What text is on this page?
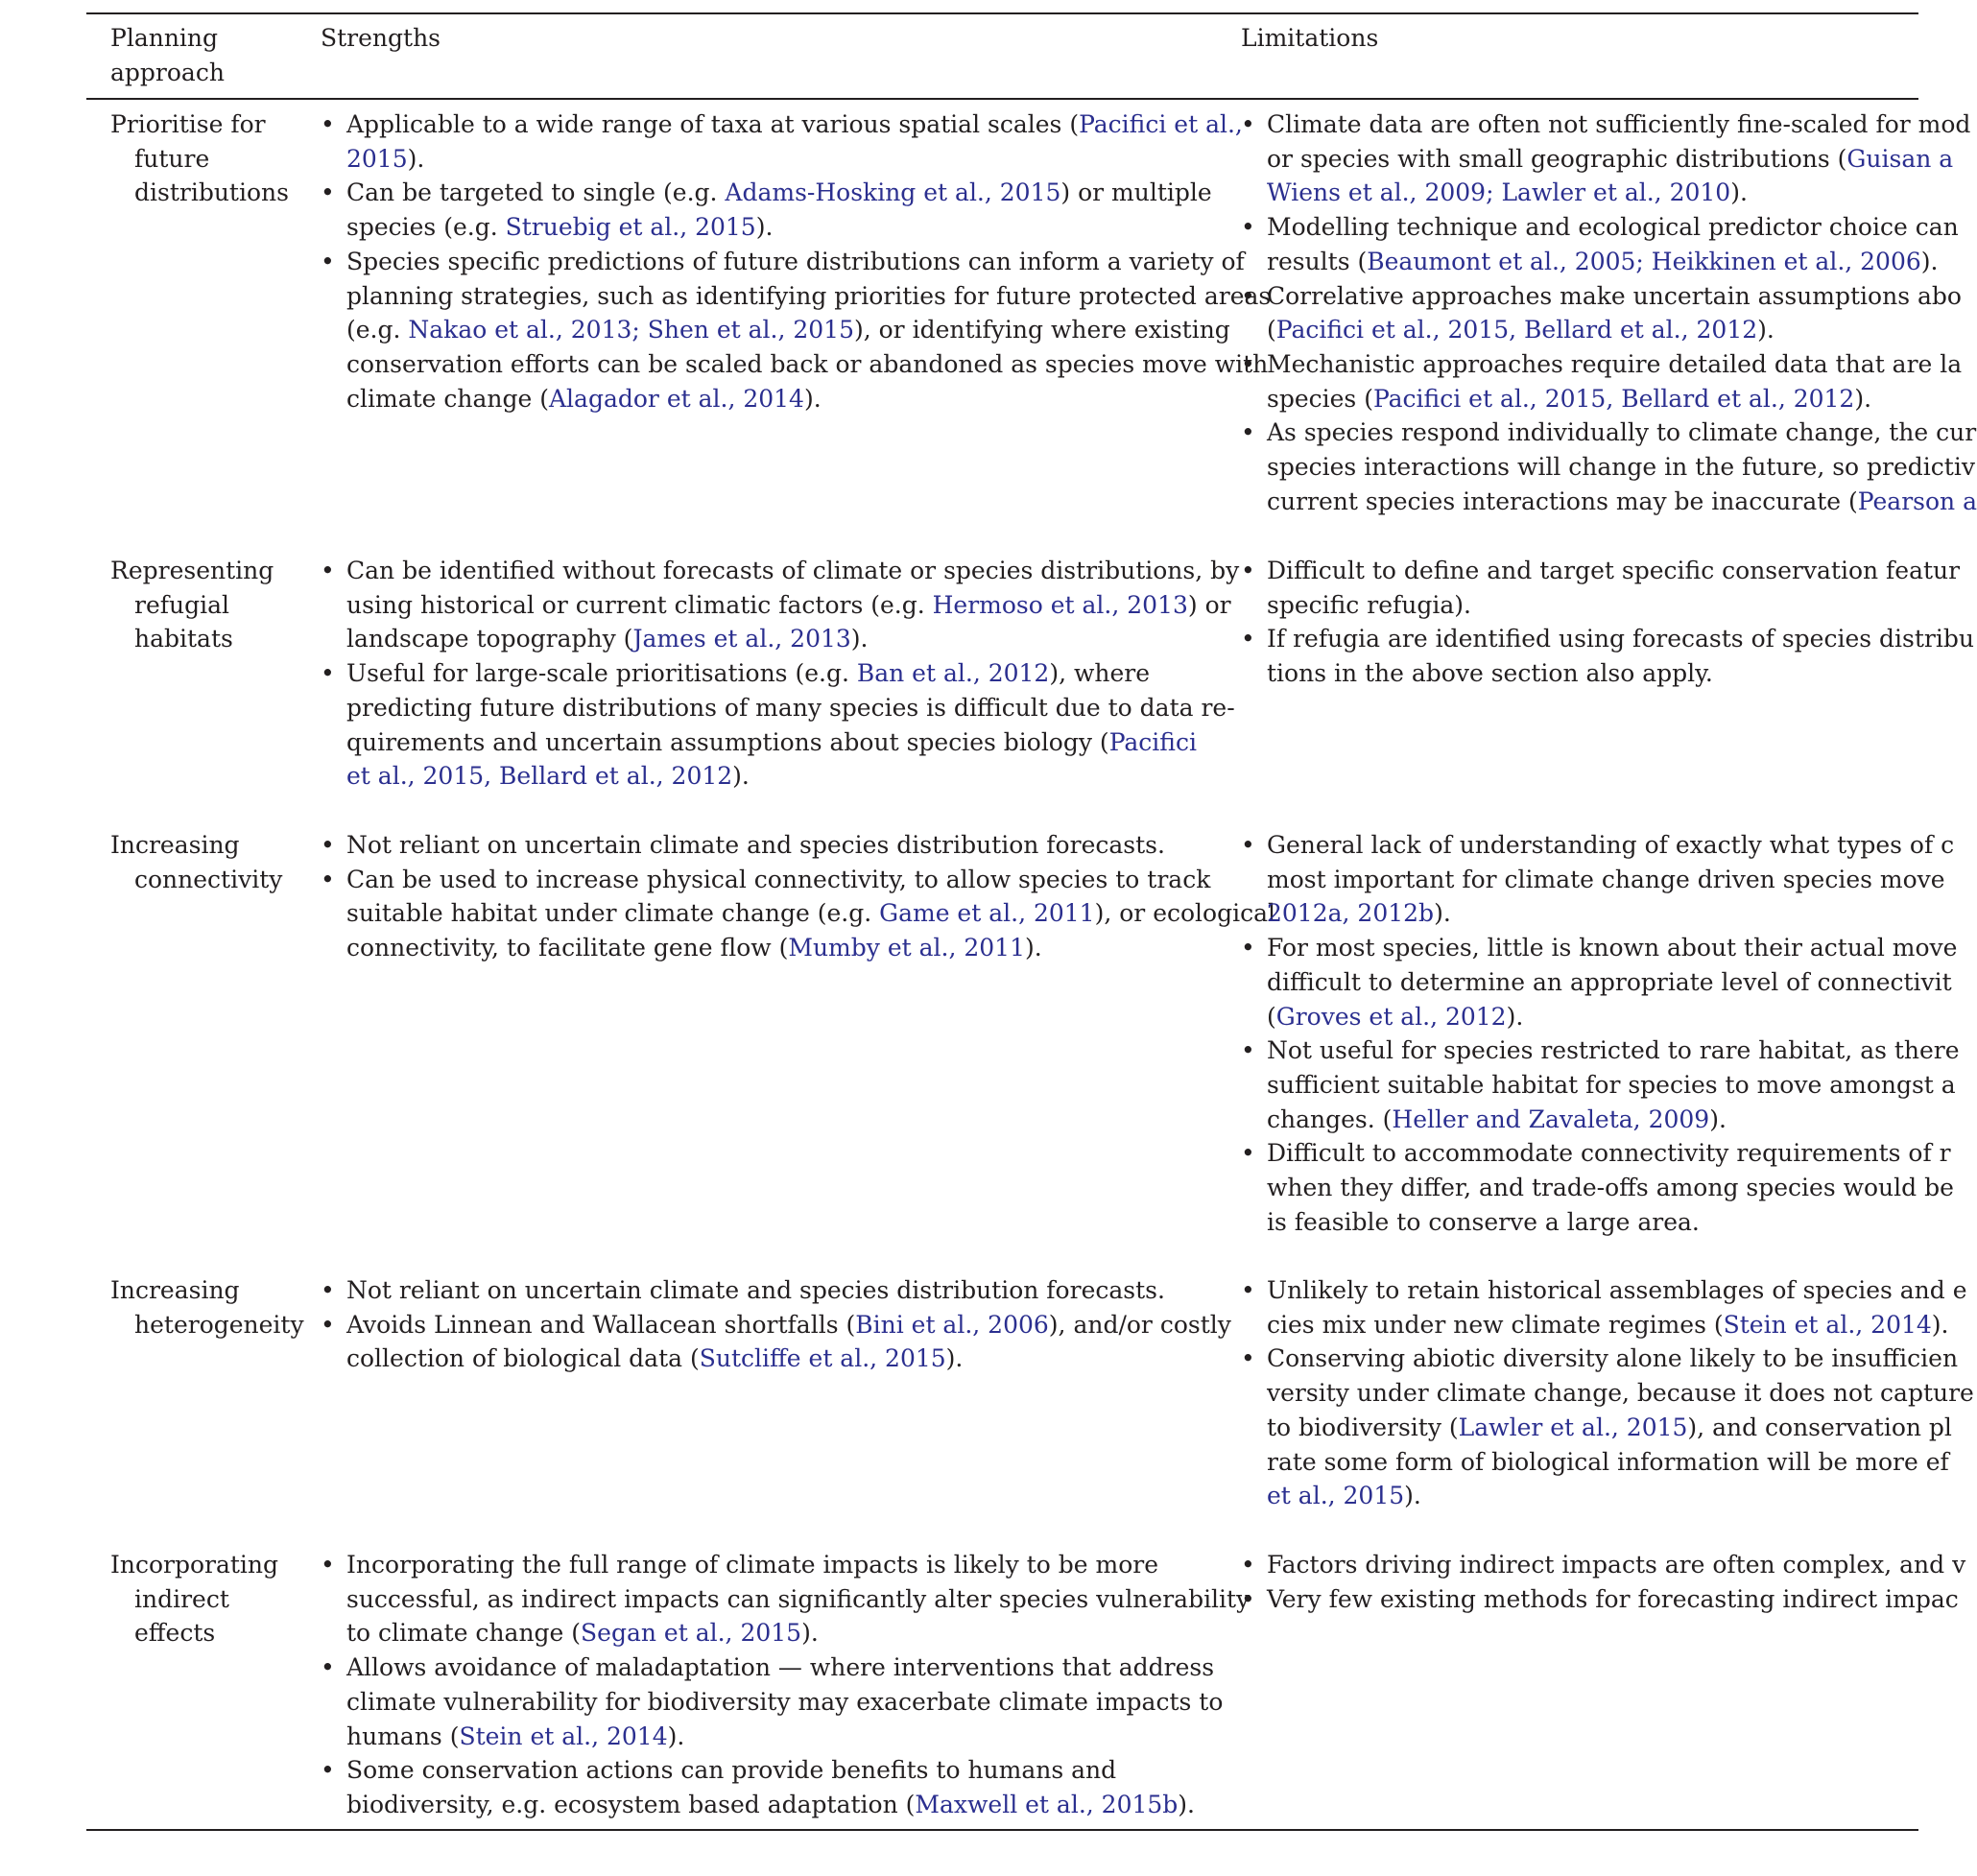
Planning
approach
Strengths	Limitations
Prioritise for
future
distributions
• Applicable to a wide range of taxa at various spatial scales (Pacifici et al.,
2015).
• Can be targeted to single (e.g. Adams-Hosking et al., 2015) or multiple
species (e.g. Struebig et al., 2015).
• Species specific predictions of future distributions can inform a variety of
planning strategies, such as identifying priorities for future protected areas
(e.g. Nakao et al., 2013; Shen et al., 2015), or identifying where existing
conservation efforts can be scaled back or abandoned as species move with
climate change (Alagador et al., 2014).
• Climate data are often not sufficiently fine-scaled for mod
or species with small geographic distributions (Guisan a
Wiens et al., 2009; Lawler et al., 2010).
• Modelling technique and ecological predictor choice can
results (Beaumont et al., 2005; Heikkinen et al., 2006).
• Correlative approaches make uncertain assumptions abo
(Pacifici et al., 2015, Bellard et al., 2012).
• Mechanistic approaches require detailed data that are la
species (Pacifici et al., 2015, Bellard et al., 2012).
• As species respond individually to climate change, the cur
species interactions will change in the future, so predictiv
current species interactions may be inaccurate (Pearson a
Representing
refugial
habitats
• Can be identified without forecasts of climate or species distributions, by
using historical or current climatic factors (e.g. Hermoso et al., 2013) or
landscape topography (James et al., 2013).
• Useful for large-scale prioritisations (e.g. Ban et al., 2012), where
predicting future distributions of many species is difficult due to data re-
quirements and uncertain assumptions about species biology (Pacifici
et al., 2015, Bellard et al., 2012).
• Difficult to define and target specific conservation featur
specific refugia).
• If refugia are identified using forecasts of species distribu
tions in the above section also apply.
Increasing
connectivity
• Not reliant on uncertain climate and species distribution forecasts.
• Can be used to increase physical connectivity, to allow species to track
suitable habitat under climate change (e.g. Game et al., 2011), or ecological
connectivity, to facilitate gene flow (Mumby et al., 2011).
• General lack of understanding of exactly what types of c
most important for climate change driven species move
2012a, 2012b).
• For most species, little is known about their actual move
difficult to determine an appropriate level of connectivit
(Groves et al., 2012).
• Not useful for species restricted to rare habitat, as there
sufficient suitable habitat for species to move amongst a
changes. (Heller and Zavaleta, 2009).
• Difficult to accommodate connectivity requirements of r
when they differ, and trade-offs among species would be
is feasible to conserve a large area.
Increasing
heterogeneity
• Not reliant on uncertain climate and species distribution forecasts.
• Avoids Linnean and Wallacean shortfalls (Bini et al., 2006), and/or costly
collection of biological data (Sutcliffe et al., 2015).
• Unlikely to retain historical assemblages of species and e
cies mix under new climate regimes (Stein et al., 2014).
• Conserving abiotic diversity alone likely to be insufficien
versity under climate change, because it does not capture
to biodiversity (Lawler et al., 2015), and conservation pl
rate some form of biological information will be more ef
et al., 2015).
Incorporating
indirect
effects
• Incorporating the full range of climate impacts is likely to be more
successful, as indirect impacts can significantly alter species vulnerability
to climate change (Segan et al., 2015).
• Allows avoidance of maladaptation — where interventions that address
climate vulnerability for biodiversity may exacerbate climate impacts to
humans (Stein et al., 2014).
• Some conservation actions can provide benefits to humans and
biodiversity, e.g. ecosystem based adaptation (Maxwell et al., 2015b).
• Factors driving indirect impacts are often complex, and v
• Very few existing methods for forecasting indirect impac
